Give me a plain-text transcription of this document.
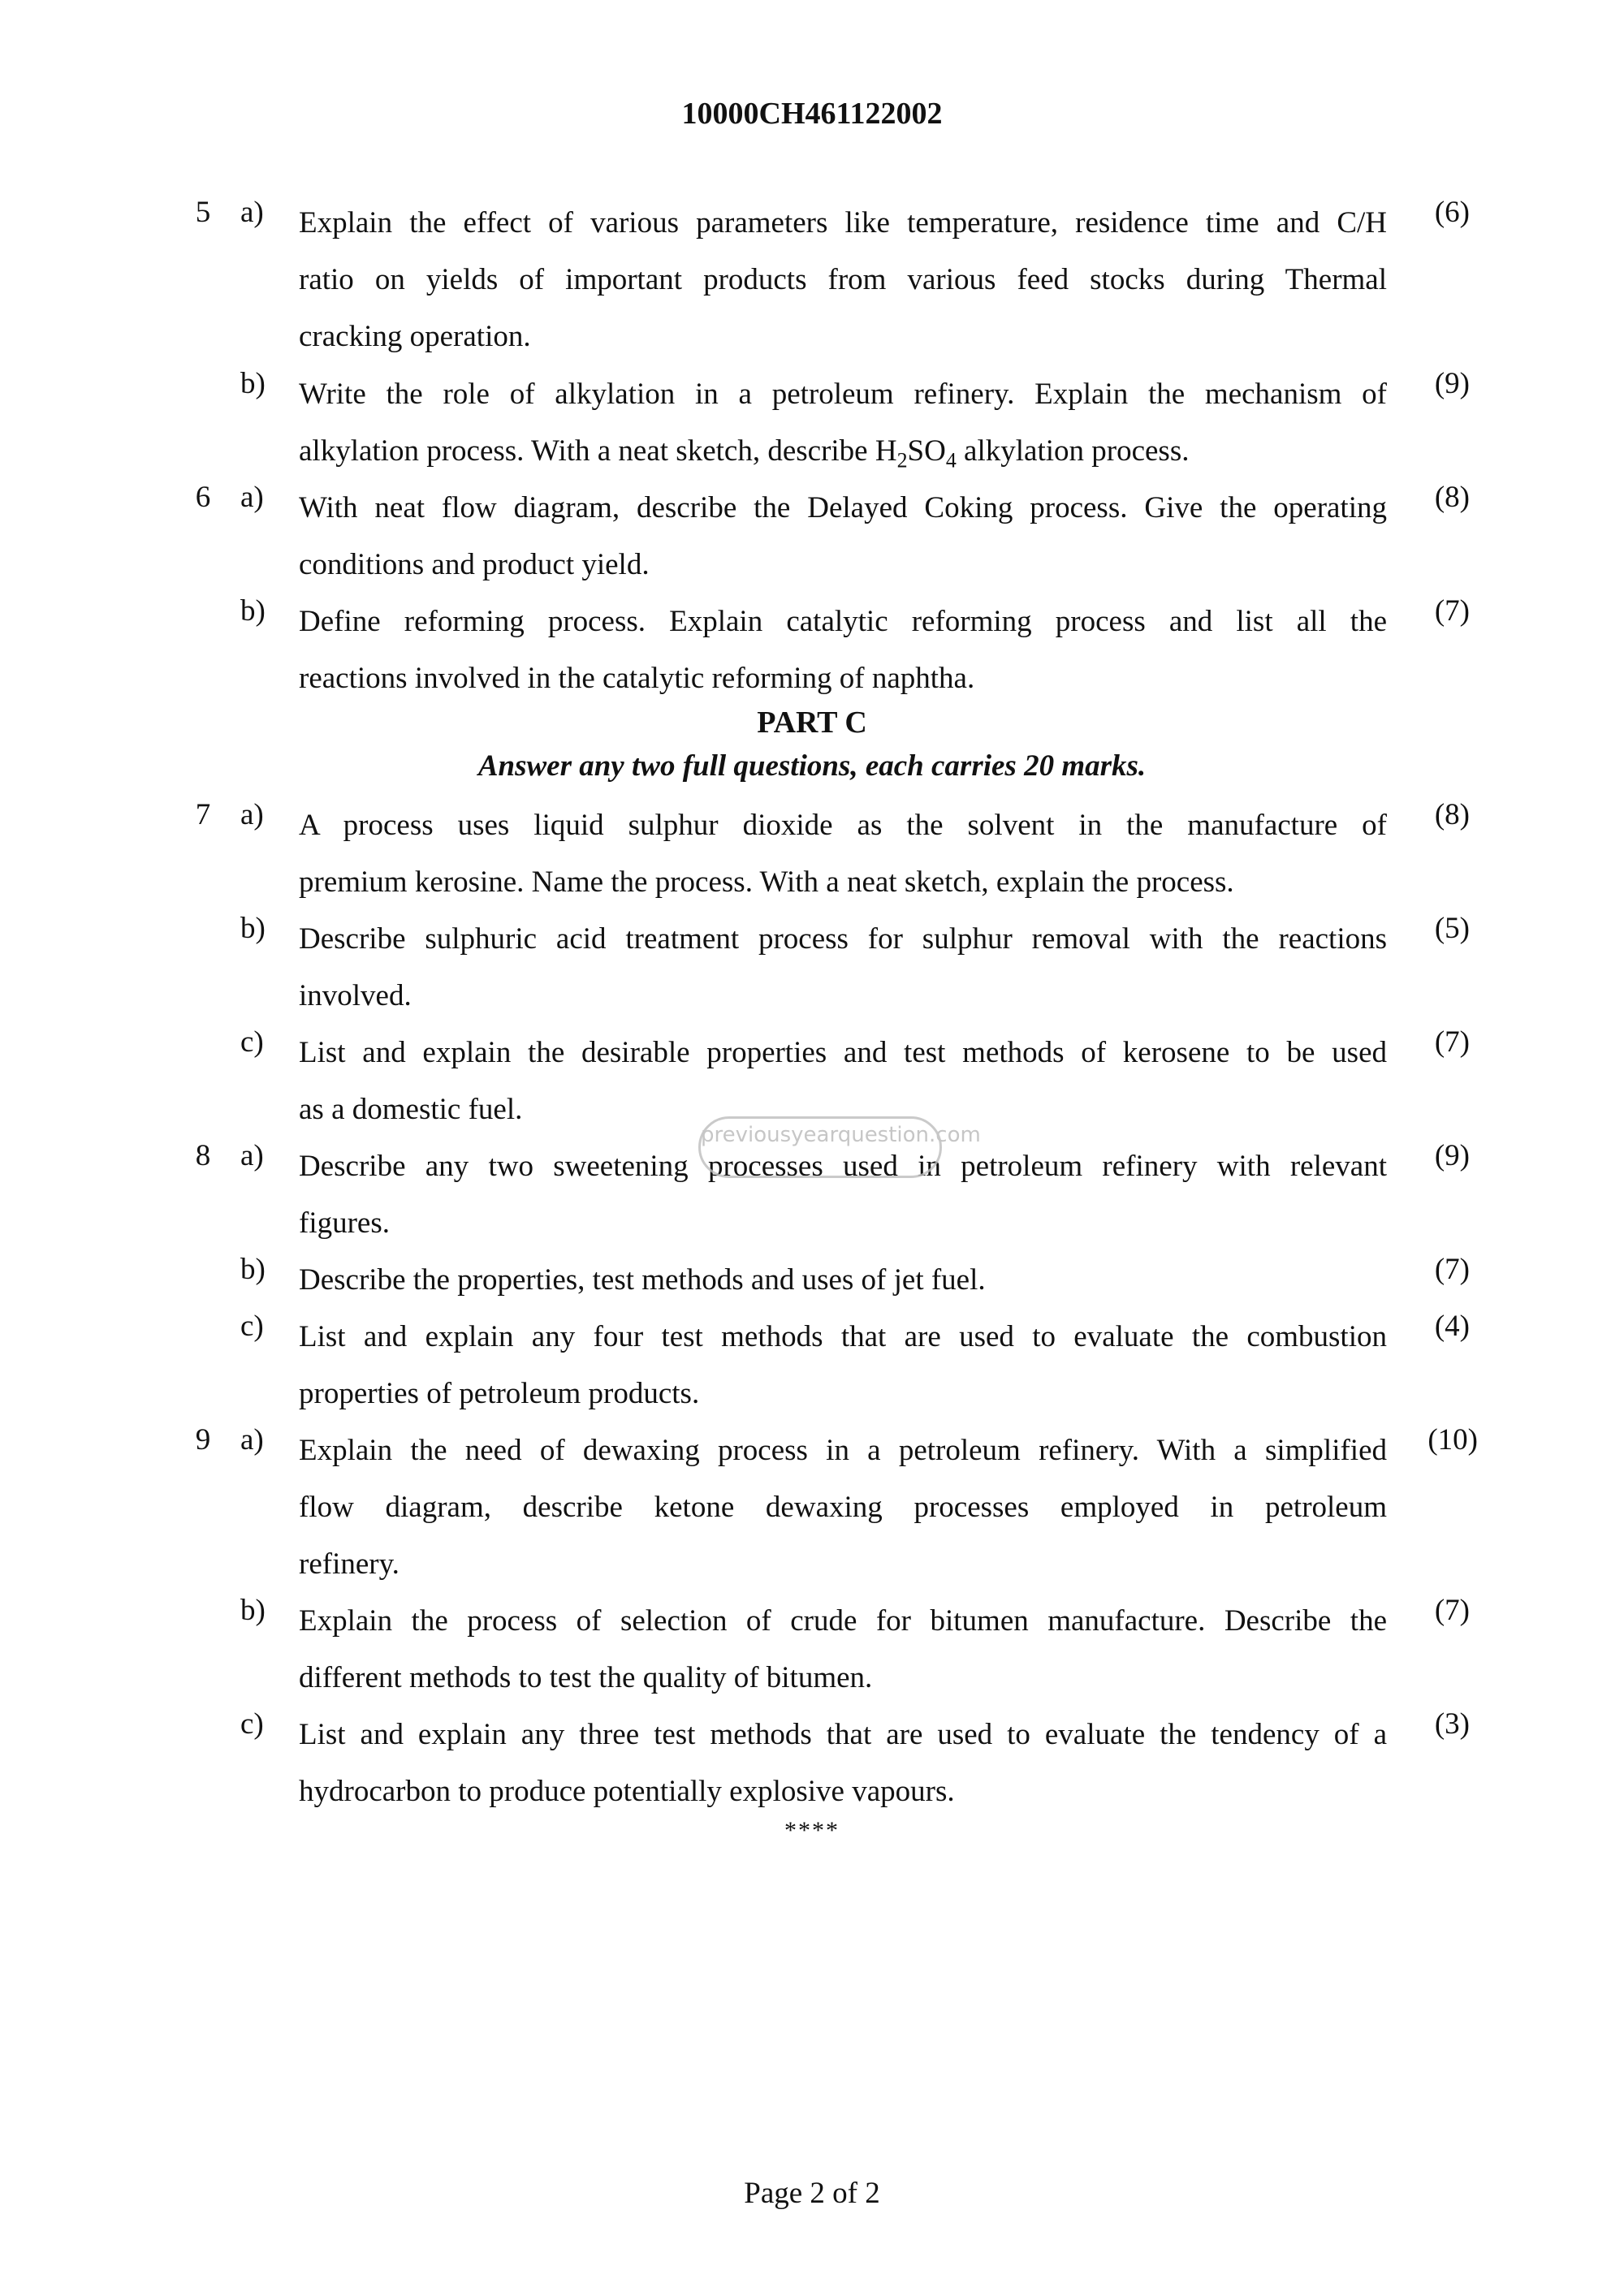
10000CH461122002
5 a) Explain the effect of various parameters like temperature, residence time and C/H
ratio on yields of important products from various feed stocks during Thermal
cracking operation.
(6)
b) Write the role of alkylation in a petroleum refinery. Explain the mechanism of
alkylation process. With a neat sketch, describe $H_2SO_4$ alkylation process.
(9)
6 a) With neat flow diagram, describe the Delayed Coking process. Give the operating
conditions and product yield.
(8)
b) Define reforming process. Explain catalytic reforming process and list all the
reactions involved in the catalytic reforming of naphtha.
(7)
PART C
Answer any two full questions, each carries 20 marks.
7 a) A process uses liquid sulphur dioxide as the solvent in the manufacture of
premium kerosine. Name the process. With a neat sketch, explain the process.
(8)
b) Describe sulphuric acid treatment process for sulphur removal with the reactions
involved.
(5)
c) List and explain the desirable properties and test methods of kerosene to be used
as a domestic fuel.
(7)
8 a) Describe any two sweetening processes used in petroleum refinery with relevant
figures.
(9)
b) Describe the properties, test methods and uses of jet fuel.	(7)
c) List and explain any four test methods that are used to evaluate the combustion
properties of petroleum products.
(4)
9 a) Explain the need of dewaxing process in a petroleum refinery. With a simplified
flow diagram, describe ketone dewaxing processes employed in petroleum
refinery.
(10)
b) Explain the process of selection of crude for bitumen manufacture. Describe the
different methods to test the quality of bitumen.
(7)
c) List and explain any three test methods that are used to evaluate the tendency of a
hydrocarbon to produce potentially explosive vapours.
(3)
****
previousyearquestion.com
Page 2 of 2
